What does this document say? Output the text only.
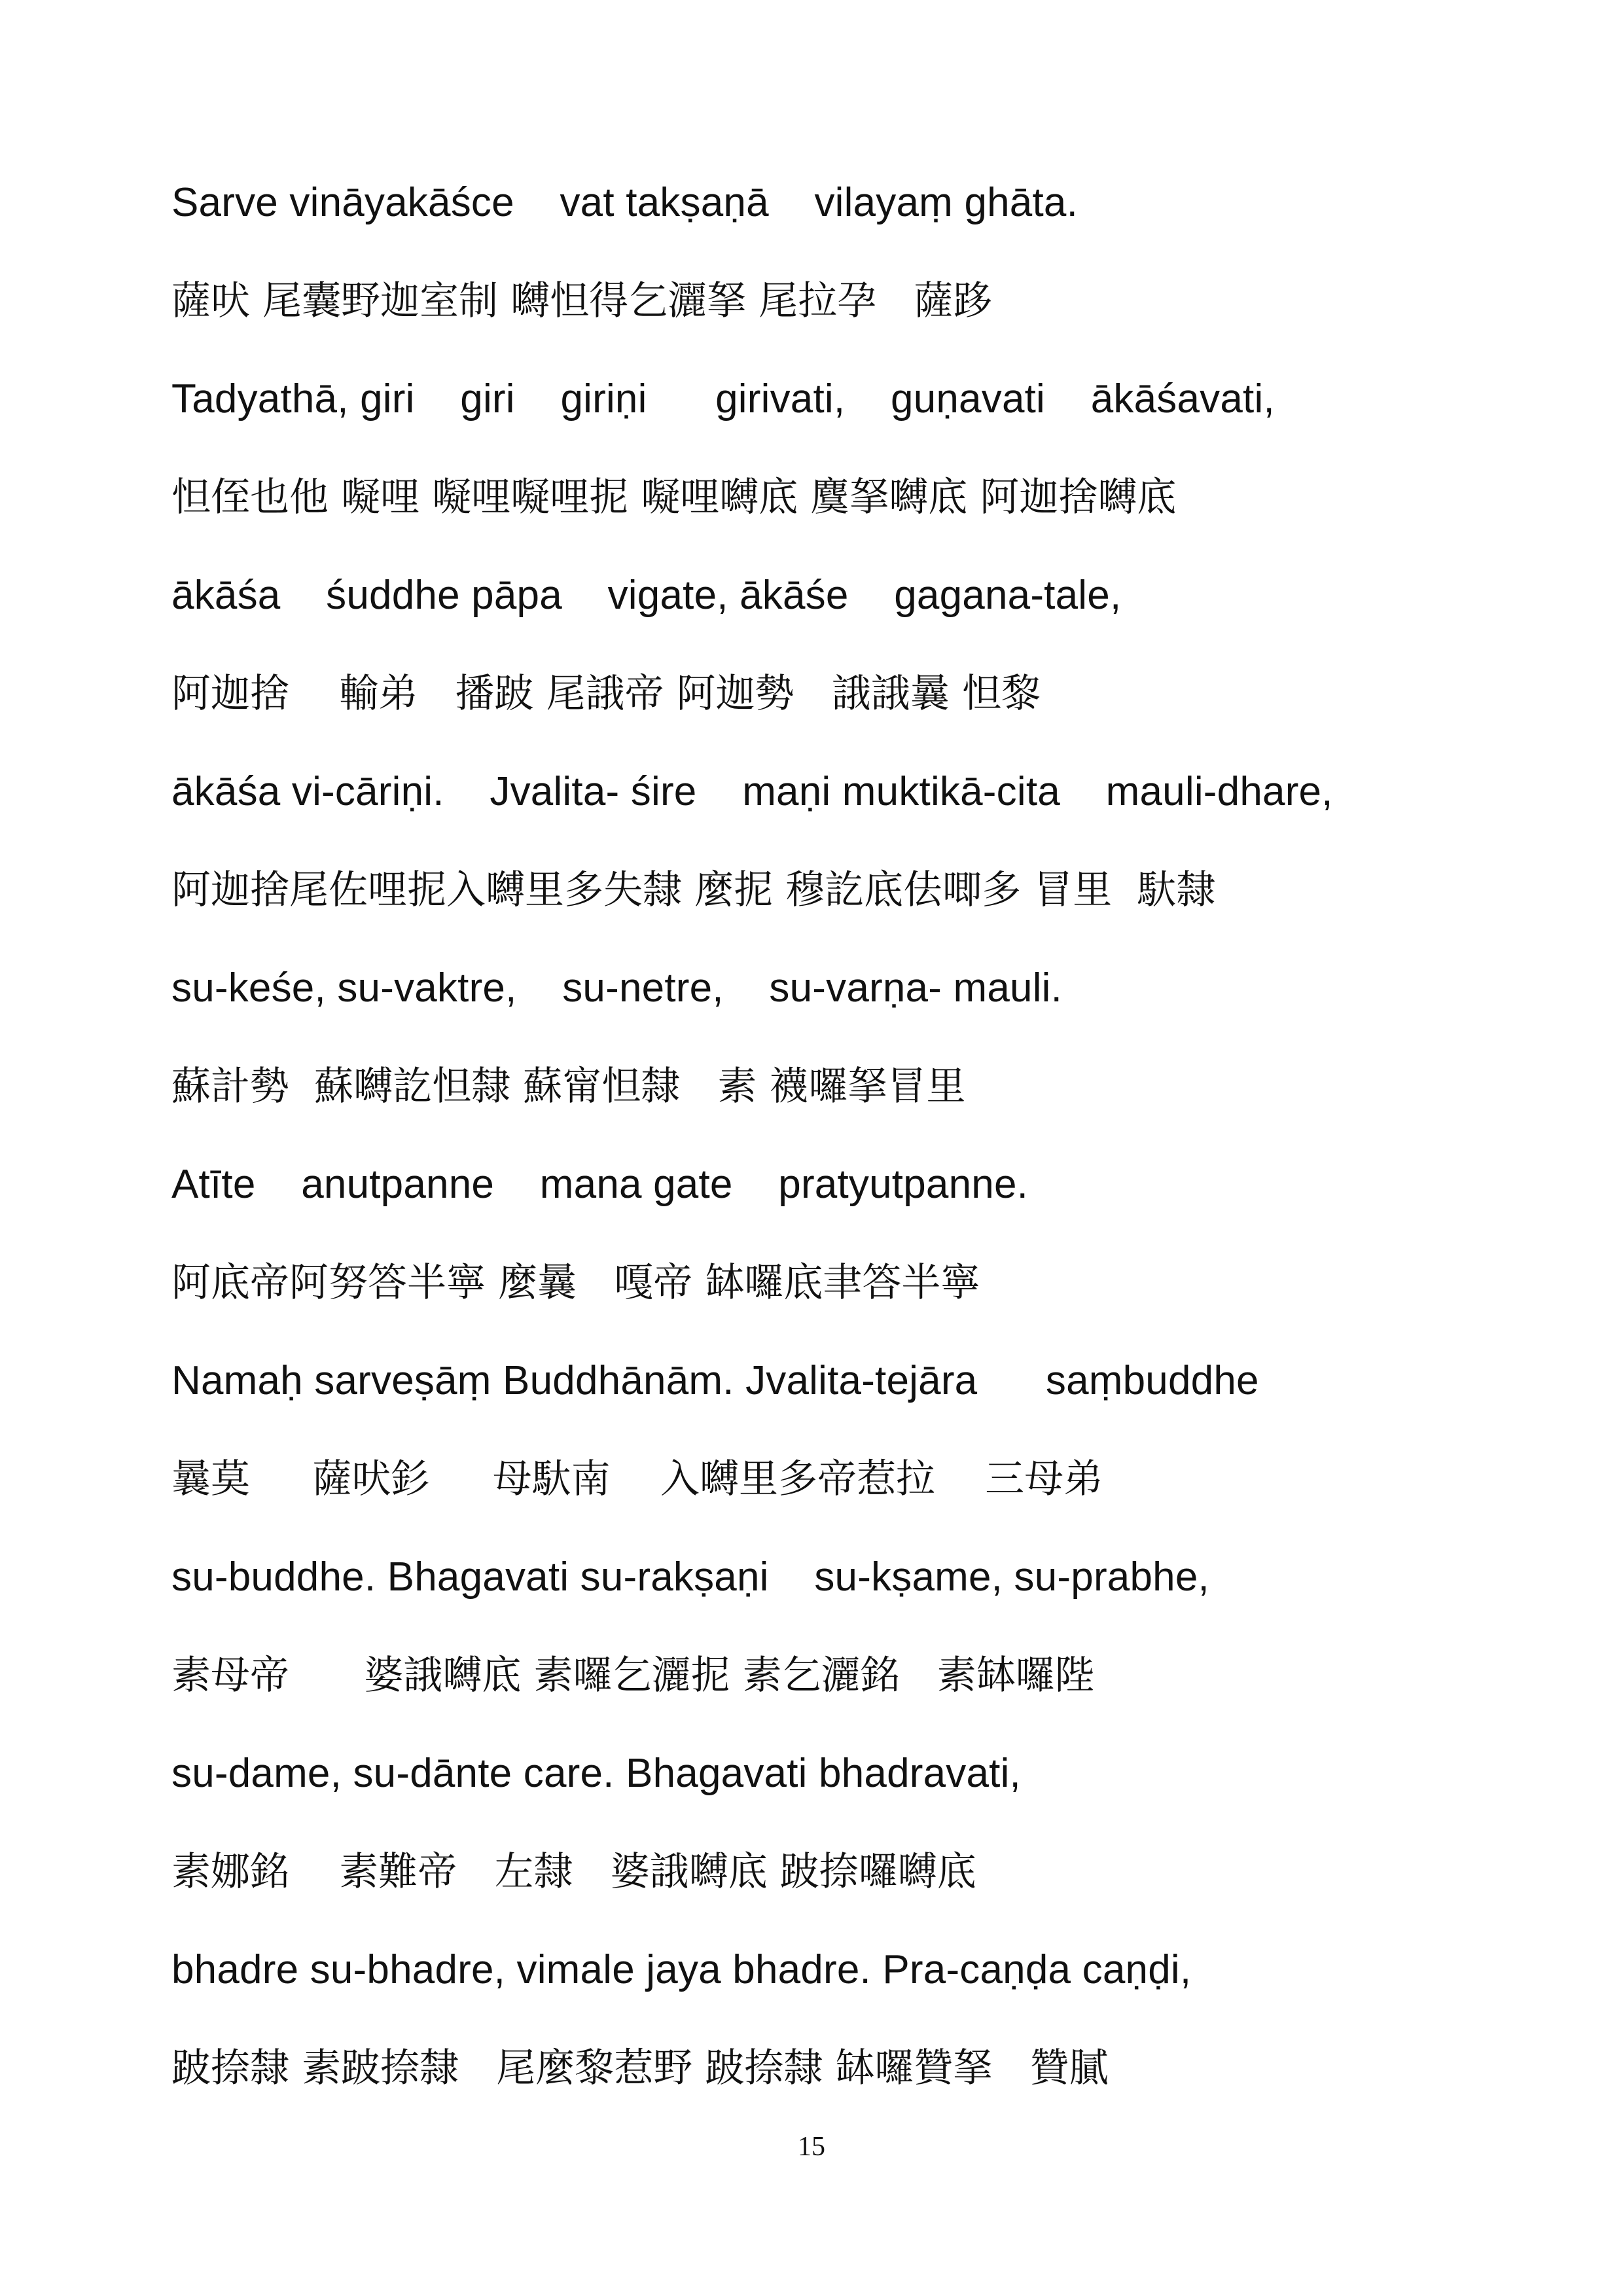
Sarve vināyakāśce    vat takṣaṇā    vilayaṃ ghāta.

薩吠 尾囊野迦室制 嚩怛得乞灑拏 尾拉孕   薩跢

Tadyathā, giri    giri    giriṇi      girivati,    guṇavati    ākāśavati,

怛侄也他 㘈哩 㘈哩㘈哩抳 㘈哩嚩底 麌拏嚩底 阿迦捨嚩底

ākāśa    śuddhe pāpa    vigate, ākāśe    gagana-tale,

阿迦捨    輸弟   播跛 尾誐帝 阿迦勢   誐誐曩 怛黎

ākāśa vi-cāriṇi.    Jvalita- śire    maṇi muktikā-cita    mauli-dhare,

阿迦捨尾佐哩抳入嚩里多失隸 麼抳 穆訖底佉唧多 冒里  馱隸

su-keśe, su-vaktre,    su-netre,    su-varṇa- mauli.

蘇計勢  蘇嚩訖怛隸 蘇甯怛隸   素 襪囉拏冒里

Atīte    anutpanne    mana gate    pratyutpanne.

阿底帝阿努答半寧 麼曩   嘎帝 缽囉底聿答半寧

Namaḥ sarveṣāṃ Buddhānām. Jvalita-tejāra      saṃbuddhe

曩莫     薩吠釤     母馱南    入嚩里多帝惹拉    三母弟

su-buddhe. Bhagavati su-rakṣaṇi    su-kṣame, su-prabhe,

素母帝      婆誐嚩底 素囉乞灑抳 素乞灑銘   素缽囉陛

su-dame, su-dānte care. Bhagavati bhadravati,

素娜銘    素難帝   左隸   婆誐嚩底 跛捺囉嚩底

bhadre su-bhadre, vimale jaya bhadre. Pra-caṇḍa caṇḍi,

跛捺隸 素跛捺隸   尾麼黎惹野 跛捺隸 缽囉贊拏   贊膩

15
